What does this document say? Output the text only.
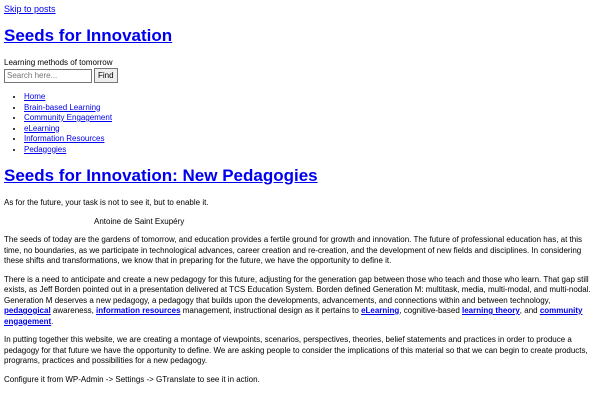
Skip to posts
Seeds for Innovation
Learning methods of tomorrow
Search here...
Find
• Home
• Brain-based Learning
• Community Engagement
• eLearning
• Information Resources
• Pedagogies
Seeds for Innovation: New Pedagogies

As for the future, your task is not to see it, but to enable it.

Antoine de Saint Exupéry

The seeds of today are the gardens of tomorrow, and education provides a fertile ground for growth and innovation. The future of professional education has, at this time, no boundaries, as we participate in technological advances, career creation and re-creation, and the development of new fields and disciplines. In considering these shifts and transformations, we know that in preparing for the future, we have the opportunity to define it.

There is a need to anticipate and create a new pedagogy for this future, adjusting for the generation gap between those who teach and those who learn. That gap still exists, as Jeff Borden pointed out in a presentation delivered at TCS Education System. Borden defined Generation M: multitask, media, multi-modal, and multi-nodal. Generation M deserves a new pedagogy, a pedagogy that builds upon the developments, advancements, and connections within and between technology, pedagogical awareness, information resources management, instructional design as it pertains to eLearning, cognitive-based learning theory, and community engagement.

In putting together this website, we are creating a montage of viewpoints, scenarios, perspectives, theories, belief statements and practices in order to produce a pedagogy for that future we have the opportunity to define. We are asking people to consider the implications of this material so that we can begin to create products, programs, practices and possibilities for a new pedagogy.

Configure it from WP-Admin -> Settings -> GTranslate to see it in action.
